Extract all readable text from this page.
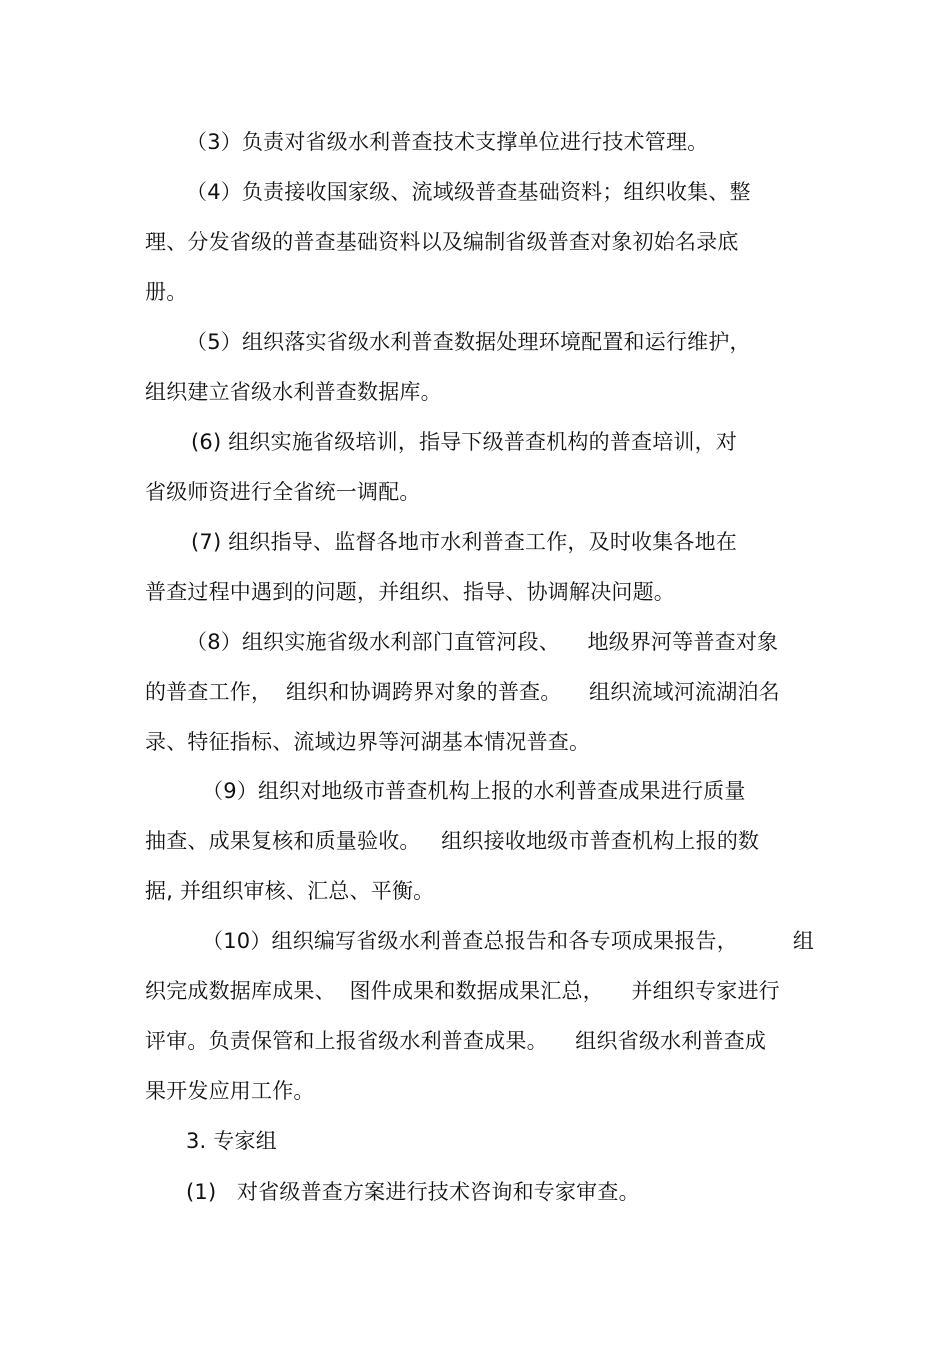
（3）负责对省级水利普查技术支撑单位进行技术管理。
（4）负责接收国家级、流域级普查基础资料；组织收集、整
理、分发省级的普查基础资料以及编制省级普查对象初始名录底
册。
（5）组织落实省级水利普查数据处理环境配置和运行维护，
组织建立省级水利普查数据库。
(6) 组织实施省级培训，指导下级普查机构的普查培训，对
省级师资进行全省统一调配。
(7) 组织指导、监督各地市水利普查工作，及时收集各地在
普查过程中遇到的问题，并组织、指导、协调解决问题。
（8）组织实施省级水利部门直管河段、    地级界河等普查对象
的普查工作，  组织和协调跨界对象的普查。    组织流域河流湖泊名
录、特征指标、流域边界等河湖基本情况普查。
（9）组织对地级市普查机构上报的水利普查成果进行质量
抽查、成果复核和质量验收。   组织接收地级市普查机构上报的数
据, 并组织审核、汇总、平衡。
（10）组织编写省级水利普查总报告和各专项成果报告，        组
织完成数据库成果、  图件成果和数据成果汇总，    并组织专家进行
评审。负责保管和上报省级水利普查成果。    组织省级水利普查成
果开发应用工作。
3. 专家组
(1)   对省级普查方案进行技术咨询和专家审查。
